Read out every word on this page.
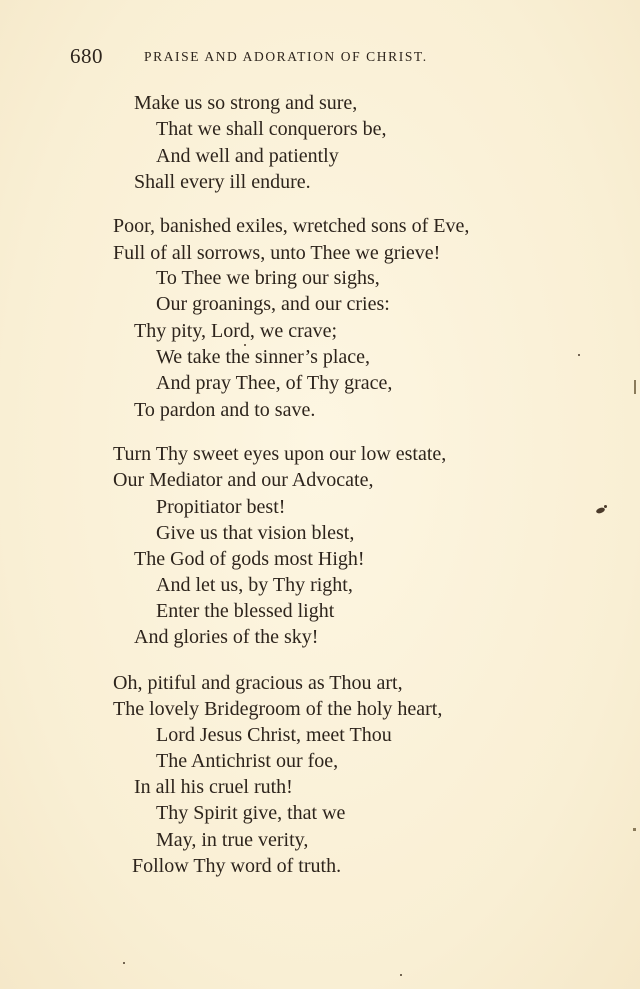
680	PRAISE AND ADORATION OF CHRIST.
Make us so strong and sure,
That we shall conquerors be,
And well and patiently
Shall every ill endure.
Poor, banished exiles, wretched sons of Eve,
Full of all sorrows, unto Thee we grieve!
To Thee we bring our sighs,
Our groanings, and our cries:
Thy pity, Lord, we crave;
We take the sinner’s place,
And pray Thee, of Thy grace,
To pardon and to save.
Turn Thy sweet eyes upon our low estate,
Our Mediator and our Advocate,
Propitiator best!
Give us that vision blest,
The God of gods most High!
And let us, by Thy right,
Enter the blessed light
And glories of the sky!
Oh, pitiful and gracious as Thou art,
The lovely Bridegroom of the holy heart,
Lord Jesus Christ, meet Thou
The Antichrist our foe,
In all his cruel ruth!
Thy Spirit give, that we
May, in true verity,
Follow Thy word of truth.
